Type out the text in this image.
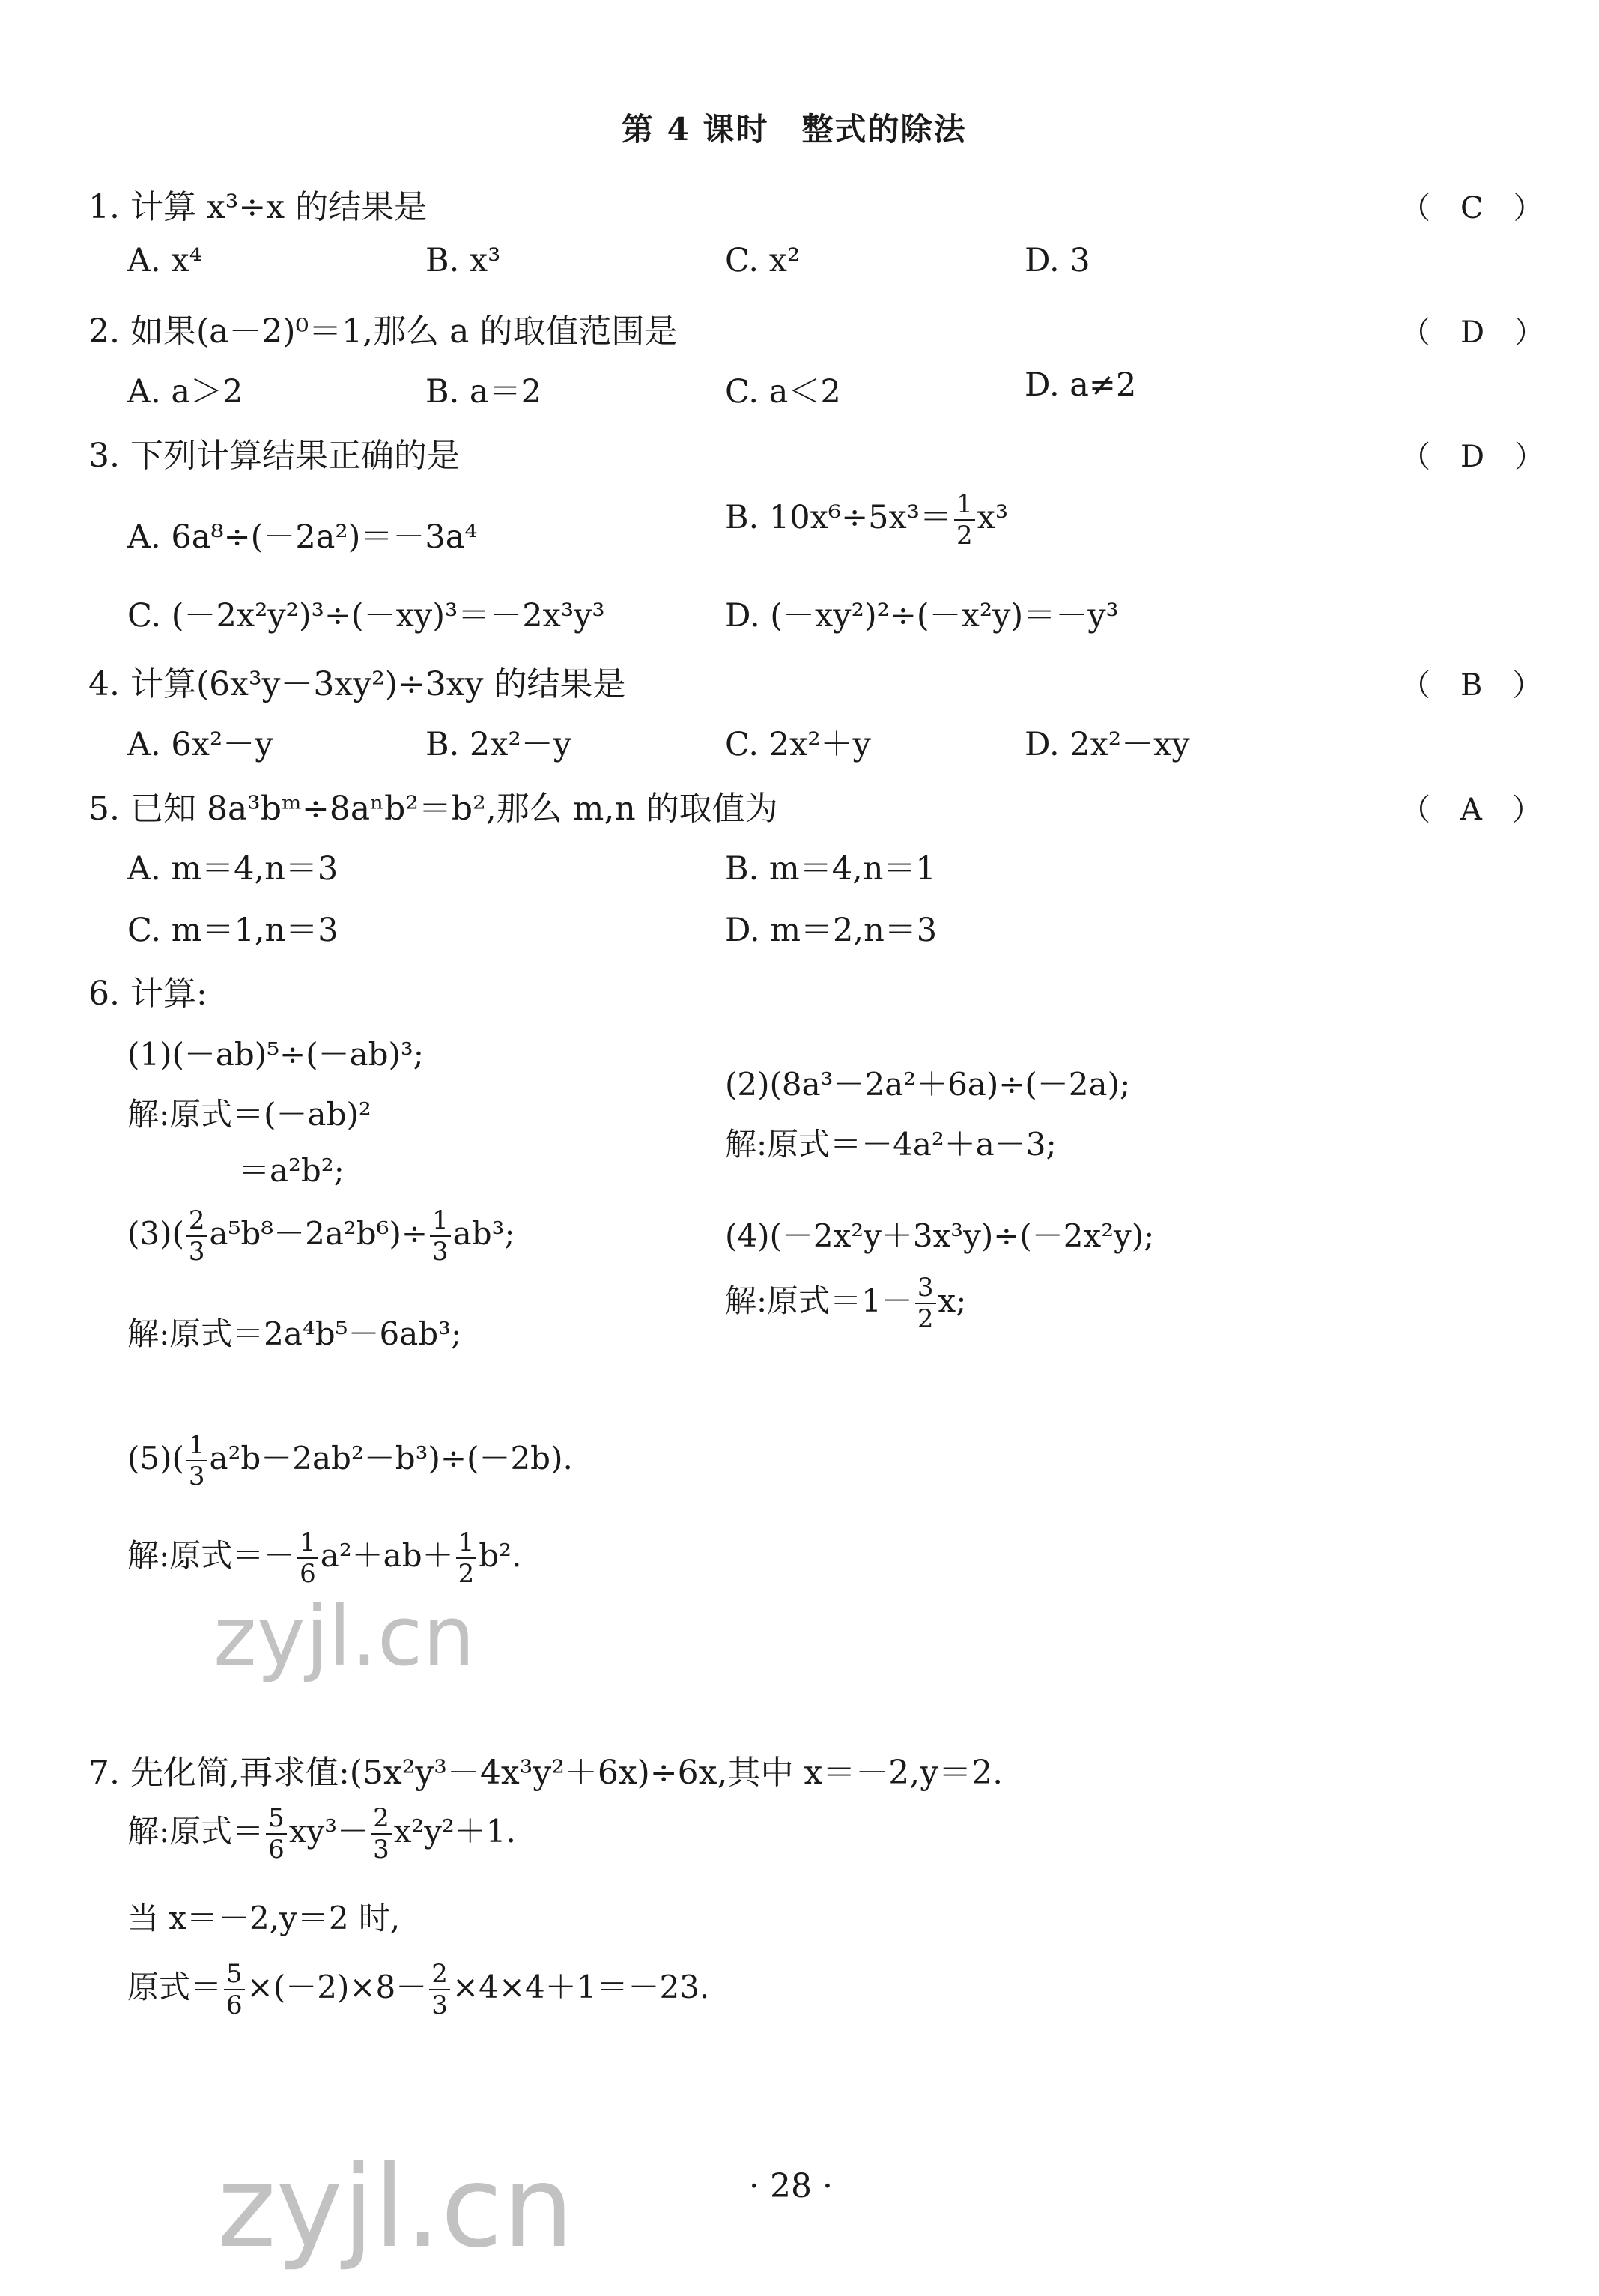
第 4 课时　整式的除法
1. 计算 x³÷x 的结果是	（　C　）
A. x⁴	B. x³	C. x²	D. 3
2. 如果(a－2)⁰＝1,那么 a 的取值范围是	（　D　）
A. a＞2	B. a＝2	C. a＜2	D. a≠2
3. 下列计算结果正确的是	（　D　）
A. 6a⁸÷(－2a²)＝－3a⁴
B. $10x^6\div 5x^3= \frac{1}{2} x^3$
C. (－2x²y²)³÷(－xy)³＝－2x³y³	D. (－xy²)²÷(－x²y)＝－y³
4. 计算(6x³y－3xy²)÷3xy 的结果是	（　B　）
A. 6x²－y	B. 2x²－y	C. 2x²＋y	D. 2x²－xy
5. 已知 8a³bᵐ÷8aⁿb²＝b²,那么 m,n 的取值为	（　A　）
A. m＝4,n＝3	B. m＝4,n＝1
C. m＝1,n＝3	D. m＝2,n＝3
6. 计算:
(1)(－ab)⁵÷(－ab)³;
解:原式＝(－ab)²
＝a²b²;
(2)(8a³－2a²＋6a)÷(－2a);
解:原式＝－4a²＋a－3;
$(3)( \frac{2}{3} a^5b^8-2a^2b^6)\div \frac{1}{3} ab^3$;
解:原式＝2a⁴b⁵－6ab³;
(4)(－2x²y＋3x³y)÷(－2x²y);
解:原式$=1- \frac{3}{2} x$;
$(5)( \frac{1}{3} a^2b-2ab^2-b^3)\div(-2b)$.
解:原式＝－ $\frac{1}{6} a^2+ab+ \frac{1}{2} b^2$.
7. 先化简,再求值:(5x²y³－4x³y²＋6x)÷6x,其中 x＝－2,y＝2.
解:原式＝ $\frac{5}{6} xy^3- \frac{2}{3} x^2y^2+1$.
当 x＝－2,y＝2 时,
原式＝ $\frac{5}{6} \times(-2)\times 8- \frac{2}{3} \times 4\times 4+1=-23$.
· 28 ·
zyjl.cn
zyjl.cn
